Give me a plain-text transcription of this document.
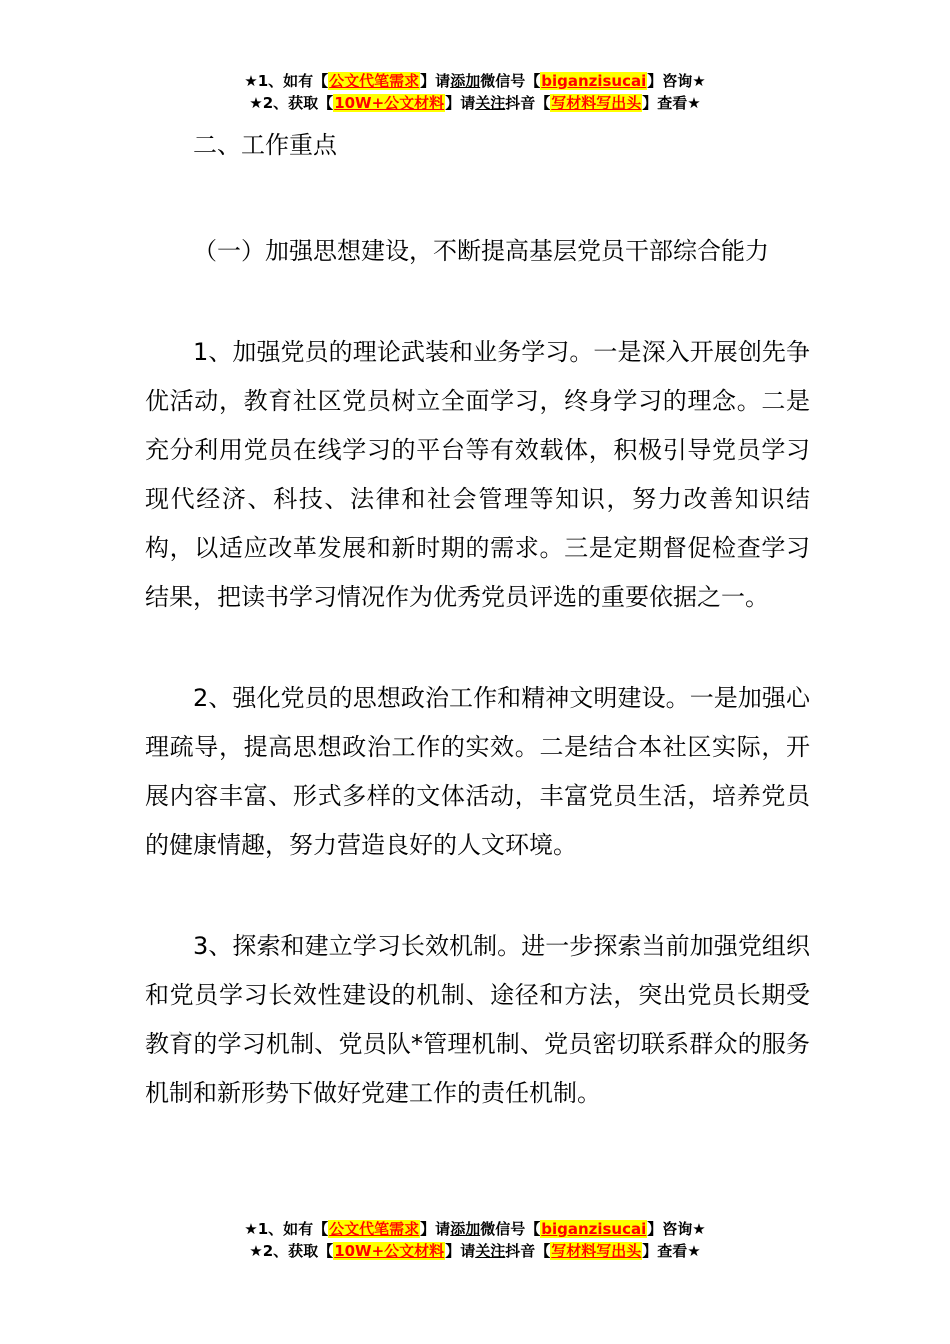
★1、如有【公文代笔需求】请添加微信号【biganzisucai】咨询★
★2、获取【10W+公文材料】请关注抖音【写材料写出头】查看★

二、工作重点

（一）加强思想建设，不断提高基层党员干部综合能力

1、加强党员的理论武装和业务学习。一是深入开展创先争优活动，教育社区党员树立全面学习，终身学习的理念。二是充分利用党员在线学习的平台等有效载体，积极引导党员学习现代经济、科技、法律和社会管理等知识，努力改善知识结构，以适应改革发展和新时期的需求。三是定期督促检查学习结果，把读书学习情况作为优秀党员评选的重要依据之一。

2、强化党员的思想政治工作和精神文明建设。一是加强心理疏导，提高思想政治工作的实效。二是结合本社区实际，开展内容丰富、形式多样的文体活动，丰富党员生活，培养党员的健康情趣，努力营造良好的人文环境。

3、探索和建立学习长效机制。进一步探索当前加强党组织和党员学习长效性建设的机制、途径和方法，突出党员长期受教育的学习机制、党员队*管理机制、党员密切联系群众的服务机制和新形势下做好党建工作的责任机制。

★1、如有【公文代笔需求】请添加微信号【biganzisucai】咨询★
★2、获取【10W+公文材料】请关注抖音【写材料写出头】查看★
